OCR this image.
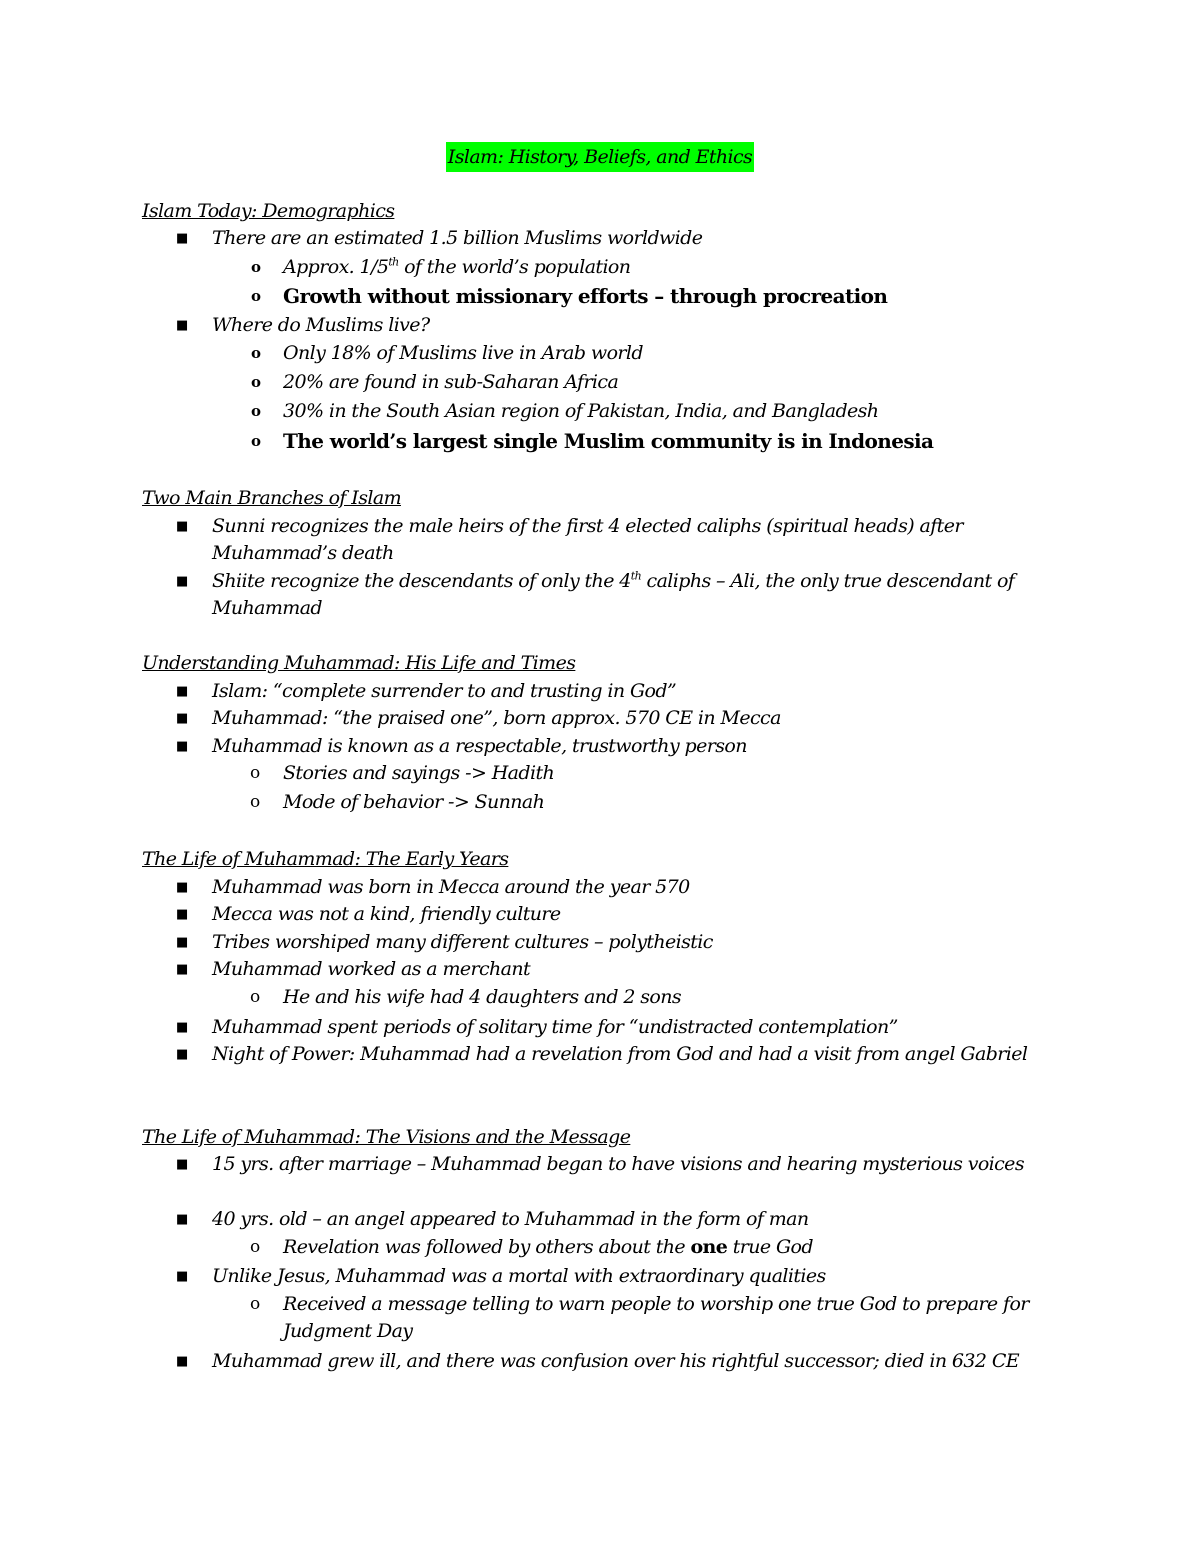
Islam: History, Beliefs, and Ethics
Islam Today: Demographics
■ There are an estimated 1.5 billion Muslims worldwide
o Approx. 1/5th of the world’s population
o Growth without missionary efforts – through procreation
■ Where do Muslims live?
o Only 18% of Muslims live in Arab world
o 20% are found in sub-Saharan Africa
o 30% in the South Asian region of Pakistan, India, and Bangladesh
o The world’s largest single Muslim community is in Indonesia
Two Main Branches of Islam
■ Sunni recognizes the male heirs of the first 4 elected caliphs (spiritual heads) after Muhammad’s death
■ Shiite recognize the descendants of only the 4th caliphs – Ali, the only true descendant of Muhammad
Understanding Muhammad: His Life and Times
■ Islam: “complete surrender to and trusting in God”
■ Muhammad: “the praised one”, born approx. 570 CE in Mecca
■ Muhammad is known as a respectable, trustworthy person
o Stories and sayings -> Hadith
o Mode of behavior -> Sunnah
The Life of Muhammad: The Early Years
■ Muhammad was born in Mecca around the year 570
■ Mecca was not a kind, friendly culture
■ Tribes worshiped many different cultures – polytheistic
■ Muhammad worked as a merchant
o He and his wife had 4 daughters and 2 sons
■ Muhammad spent periods of solitary time for “undistracted contemplation”
■ Night of Power: Muhammad had a revelation from God and had a visit from angel Gabriel
The Life of Muhammad: The Visions and the Message
■ 15 yrs. after marriage – Muhammad began to have visions and hearing mysterious voices
■ 40 yrs. old – an angel appeared to Muhammad in the form of man
o Revelation was followed by others about the one true God
■ Unlike Jesus, Muhammad was a mortal with extraordinary qualities
o Received a message telling to warn people to worship one true God to prepare for Judgment Day
■ Muhammad grew ill, and there was confusion over his rightful successor; died in 632 CE
